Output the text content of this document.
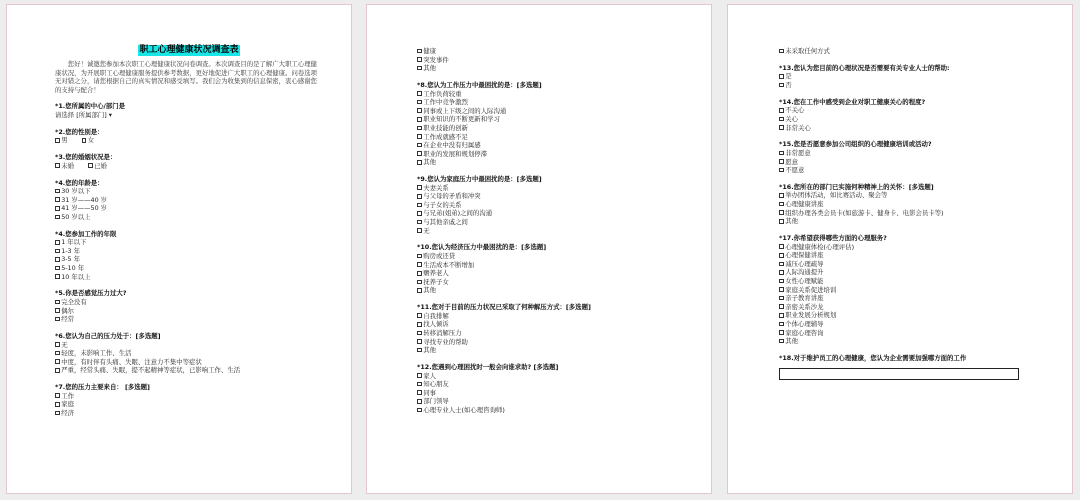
职工心理健康状况调查表
您好！诚邀您参加本次职工心理健康状况问卷调查。本次调查目的是了解广大职工心理健康状况，为开展职工心理健康服务提供参考数据，更好地促进广大职工的心理健康。问卷选项无对错之分，请您根据自己的真实情况和感受填写。我们会为收集到的信息保密，衷心感谢您的支持与配合！
*1.您所属的中心/部门是
请选择 [所属部门] ▾
*2.您的性别是：
男	女
*3.您的婚姻状况是：
未婚	已婚
*4.您的年龄是：
30 岁以下
31 岁——40 岁
41 岁——50 岁
50 岁以上
*4.您参加工作的年限
1 年以下
1-3 年
3-5 年
5-10 年
10 年以上
*5.你是否感觉压力过大?
完全没有
偶尔
经常
*6.您认为自己的压力处于：[多选题]
无
轻度，未影响工作、生活
中度，有时伴有头痛、失眠、注意力不集中等症状
严重，经常头痛、失眠，提不起精神等症状，已影响工作、生活
*7.您的压力主要来自： [多选题]
工作
家庭
经济
健康
突发事件
其他
*8.您认为工作压力中最困扰的是：[多选题]
工作负荷较重
工作中竞争激烈
同事或上下级之间的人际沟通
职业知识的不断更新和学习
职业技能的创新
工作成就感不足
在企业中没有归属感
职业的发展和规划停滞
其他
*9.您认为家庭压力中最困扰的是：[多选题]
夫妻关系
与父母的矛盾和冲突
与子女的关系
与兄弟(姐弟)之间的沟通
与其他亲戚之间
无
*10.您认为经济压力中最困扰的是：[多选题]
购房或还贷
生活成本不断增加
赡养老人
抚养子女
其他
*11.您对于目前的压力状况已采取了何种解压方式：[多选题]
自我排解
找人倾诉
转移消解压力
寻找专业的帮助
其他
*12.您遇到心理困扰时一般会向谁求助? [多选题]
家人
知心朋友
同事
部门领导
心理专业人士(如心理咨询师)
未采取任何方式
*13.您认为您目前的心理状况是否需要有关专业人士的帮助:
是
否
*14.您在工作中感受到企业对职工健康关心的程度?
不关心
关心
非常关心
*15.您是否愿意参加公司组织的心理健康培训或活动?
非常愿意
愿意
不愿意
*16.您所在的部门已实施何种精神上的关怀：[多选题]
举办团体活动，如比赛活动、聚会等
心理健康讲座
组织办理各类会员卡(如旅游卡、健身卡、电影会员卡等)
其他
*17.你希望获得哪些方面的心理服务?
心理健康体检(心理评估)
心理保健讲座
减压心理疏导
人际沟通提升
女性心理赋能
家庭关系促进培训
亲子教育讲座
亲密关系沙龙
职业发展分析规划
个体心理辅导
家庭心理咨询
其他
*18.对于维护员工的心理健康，您认为企业需要加强哪方面的工作
